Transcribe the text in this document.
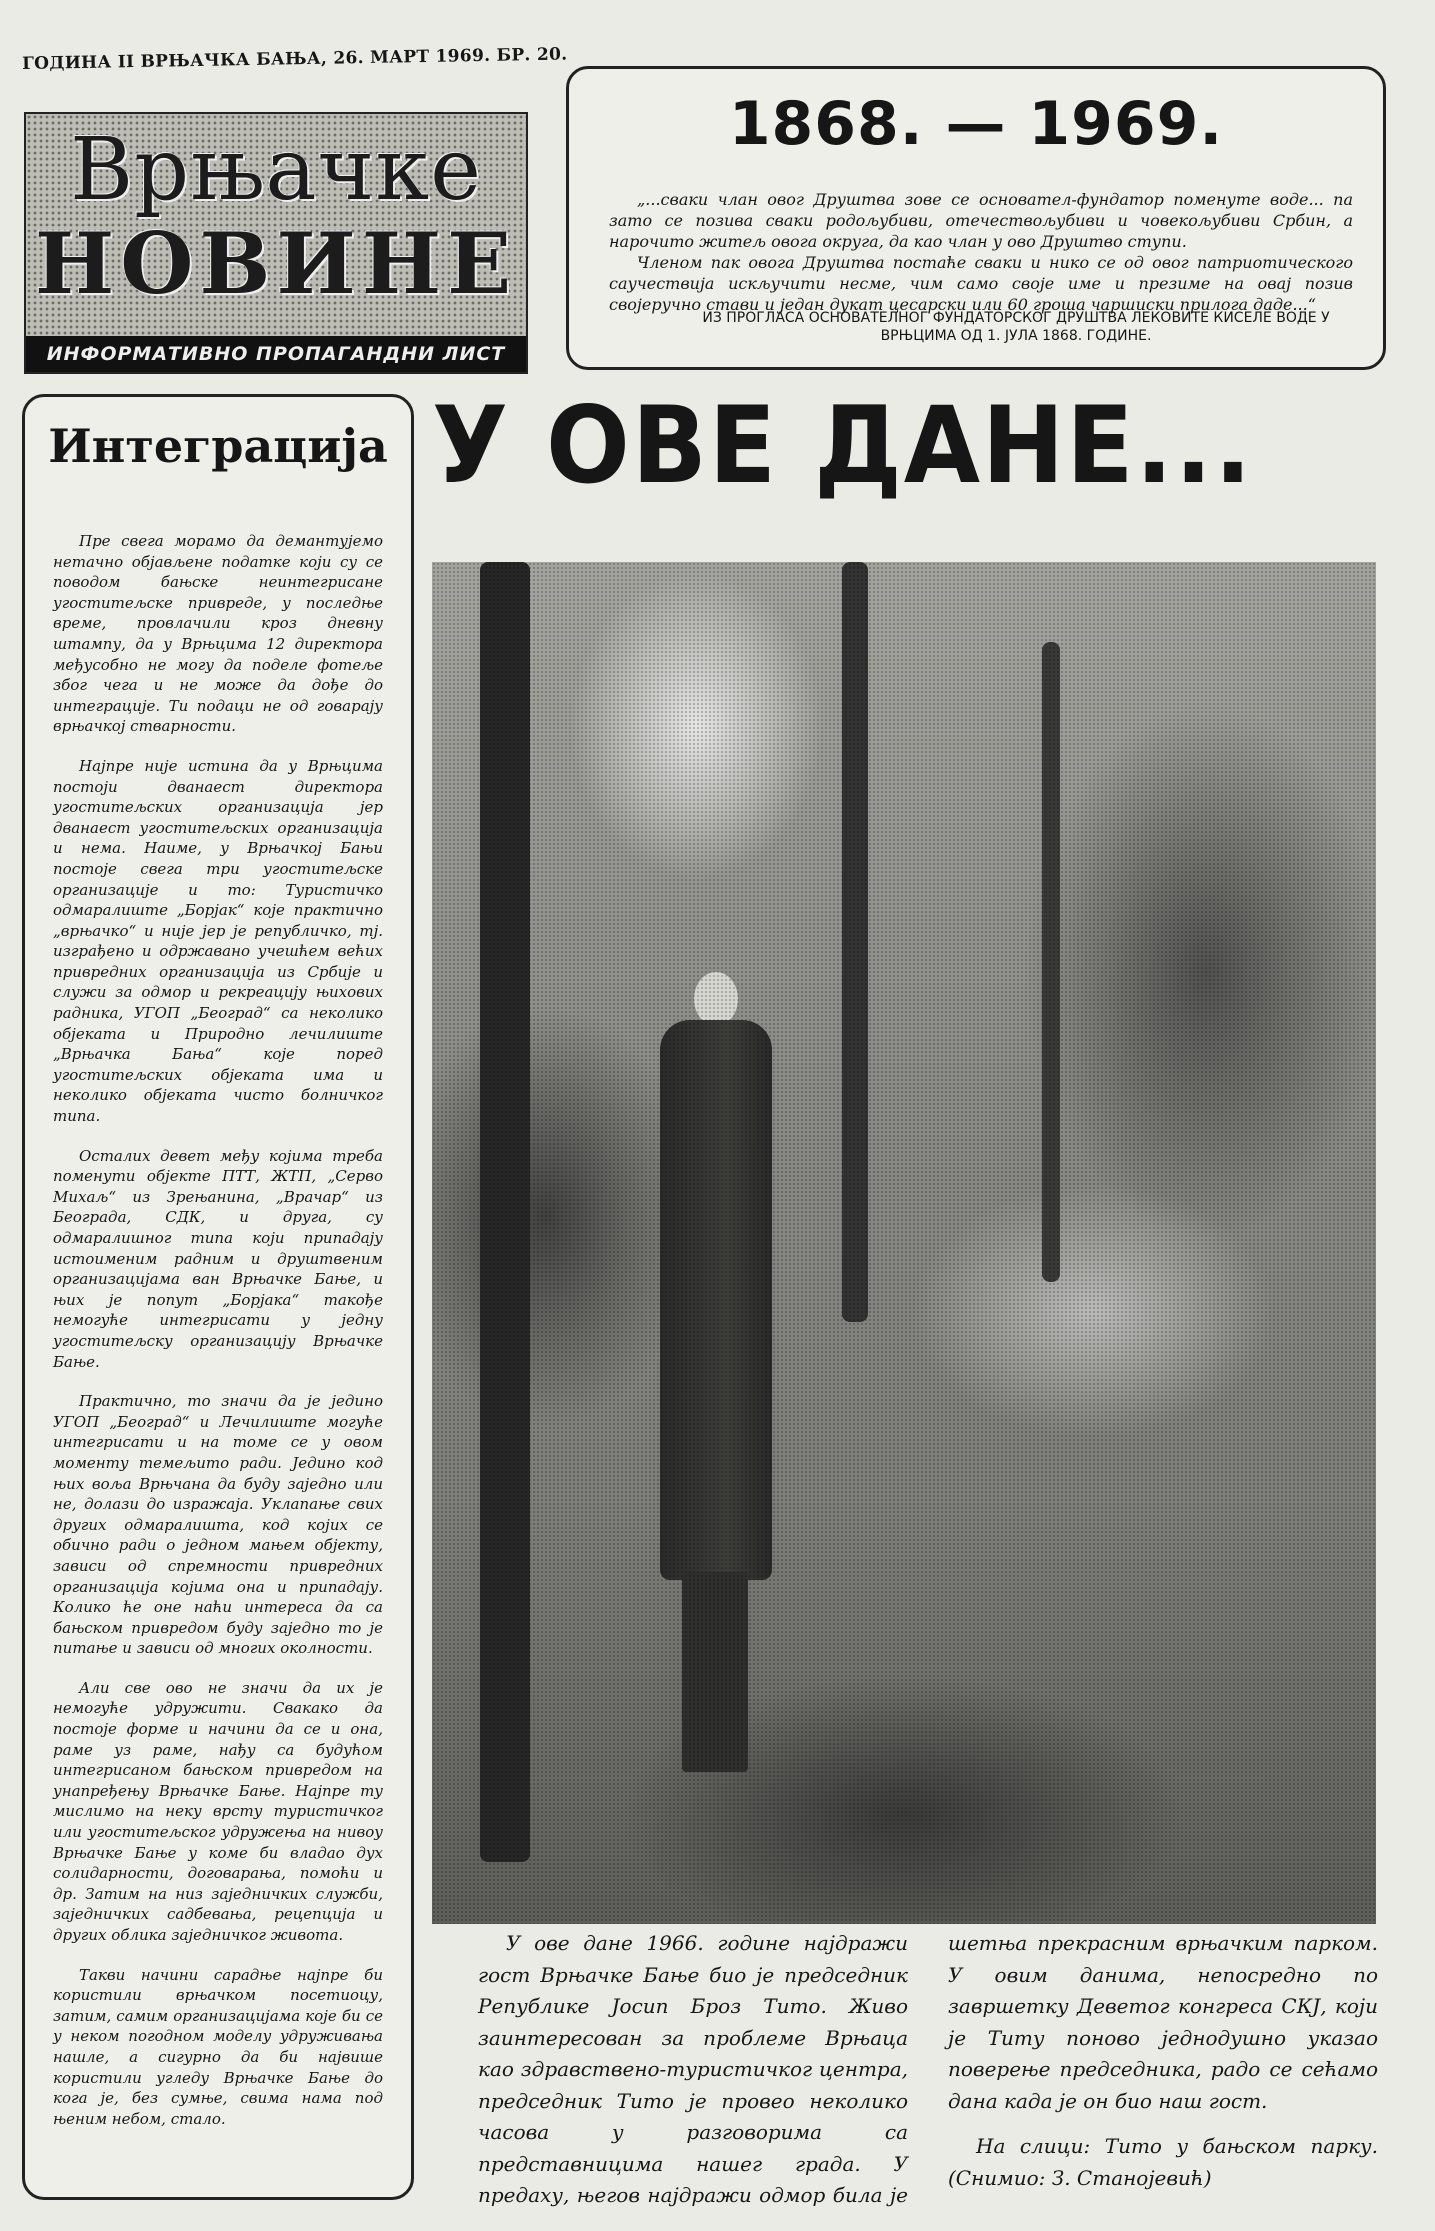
ГОДИНА II ВРЊАЧКА БАЊА, 26. МАРТ 1969. БР. 20.
Врњачке
НОВИНЕ
ИНФОРМАТИВНО ПРОПАГАНДНИ ЛИСТ
1868. — 1969.

„...сваки члан овог Друштва зове се оснoвател-фундатор поменуте воде... па зато се позива сваки родољубиви, отечествољубиви и човекољубиви Србин, а нарочито житељ овога округа, да као члан у ово Друштво ступи.

Членом пак овога Друштва постаће сваки и нико се од овог патриотического саучествија искључити несме, чим само своје име и презиме на овај позив својеручно стави и један дукат цесарски или 60 гроша чаршиски прилога даде...“

ИЗ ПРОГЛАСА ОСНОВАТЕЛНОГ ФУНДАТОРСКОГ ДРУШТВА ЛЕКОВИТЕ КИСЕЛЕ ВОДЕ У ВРЊЦИМА ОД 1. ЈУЛА 1868. ГОДИНЕ.
Интеграција

Пре свега морамо да демантујемо нетачно објављене податке који су се поводом бањске неинтегрисане угоститељске привреде, у последње време, провлачили кроз дневну штампу, да у Врњцима 12 директора међусобно не могу да поделе фотеље због чега и не може да дође до интеграције. Ти подаци не од говарају врњачкој стварности.

Најпре није истина да у Врњцима постоји дванаест директора угоститељских организација јер дванаест угоститељских организација и нема. Наиме, у Врњачкој Бањи постоје свега три угоститељске организације и то: Туристичко одмаралиште „Борјак“ које практично „врњачко“ и није јер је републичко, тј. изграђено и одржавано учешћем већих привредних организација из Србије и служи за одмор и рекреацију њихових радника, УГОП „Београд“ са неколико објеката и Природно лечилиште „Врњачка Бања“ које поред угоститељских објеката има и неколико објеката чисто болничког типа.

Осталих девет међу којима треба поменути објекте ПТТ, ЖТП, „Серво Михаљ“ из Зрењанина, „Врачар“ из Београда, СДК, и друга, су одмаралишног типа који припадају истоименим радним и друштвеним организацијама ван Врњачке Бање, и њих је попут „Борјака“ такође немогуће интегрисати у једну угоститељску организацију Врњачке Бање.

Практично, то значи да је једино УГОП „Београд“ и Лечилиште могуће интегрисати и на томе се у овом моменту темељито ради. Једино код њих воља Врњчана да буду заједно или не, долази до изражаја. Уклапање свих других одмаралишта, код којих се обично ради о једном мањем објекту, зависи од спремности привредних организација којима она и припадају. Колико ће оне наћи интереса да са бањском привредом буду заједно то је питање и зависи од многих околности.

Али све ово не значи да их је немогуће удружити. Свакако да постоје форме и начини да се и она, раме уз раме, нађу са будућом интегрисаном бањском привредом на унапређењу Врњачке Бање. Најпре ту мислимо на неку врсту туристичког или угоститељског удружења на нивоу Врњачке Бање у коме би владао дух солидарности, договарања, помоћи и др. Затим на низ заједничких служби, заједничких садбевања, рецепција и других облика заједничког живота.

Такви начини сарадње најпре би користили врњачком посетиоцу, затим, самим организацијама које би се у неком погодном моделу удруживања нашле, а сигурно да би највише користили угледу Врњачке Бање до кога је, без сумње, свима нама под њеним небом, стало.

У ОВЕ ДАНЕ...

У ове дане 1966. године најдражи гост Врњачке Бање био је председник Републике Јосип Броз Тито. Живо заинтересован за проблеме Врњаца као здравствено-туристичког центра, председник Тито је провео неколико часова у разговорима са представницима нашег града. У предаху, његов најдражи одмор била је шетња прекрасним врњачким парком. У овим данима, непосредно по завршетку Деветог конгреса СКЈ, који је Титу поново једнодушно указао поверење председника, радо се сећамо дана када је он био наш гост.

На слици: Тито у бањском парку. (Снимио: З. Станојевић)
